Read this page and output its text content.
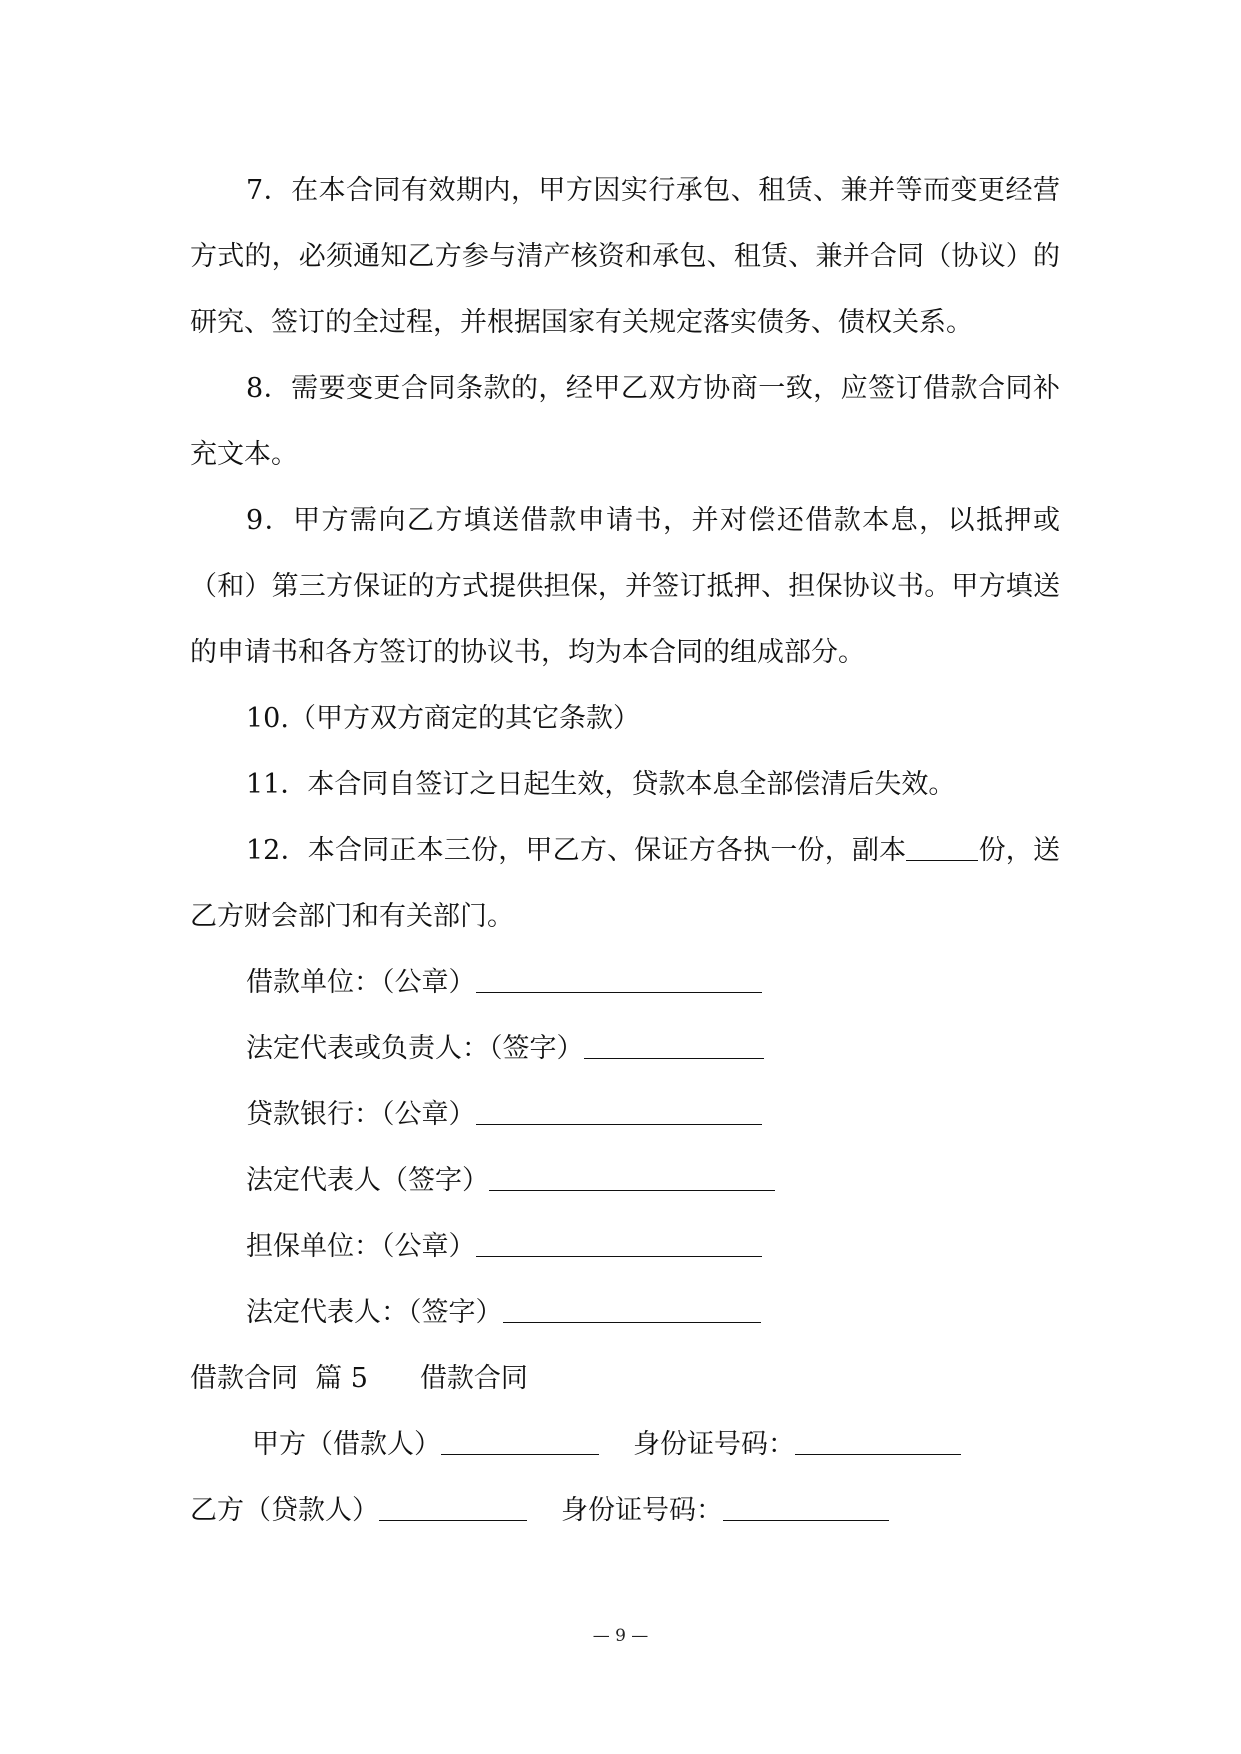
7．在本合同有效期内，甲方因实行承包、租赁、兼并等而变更经营方式的，必须通知乙方参与清产核资和承包、租赁、兼并合同（协议）的研究、签订的全过程，并根据国家有关规定落实债务、债权关系。

8．需要变更合同条款的，经甲乙双方协商一致，应签订借款合同补充文本。

9．甲方需向乙方填送借款申请书，并对偿还借款本息，以抵押或（和）第三方保证的方式提供担保，并签订抵押、担保协议书。甲方填送的申请书和各方签订的协议书，均为本合同的组成部分。

10.（甲方双方商定的其它条款）

11．本合同自签订之日起生效，贷款本息全部偿清后失效。

12．本合同正本三份，甲乙方、保证方各执一份，副本	份，送乙方财会部门和有关部门。

借款单位：（公章）

法定代表或负责人：（签字）

贷款银行：（公章）

法定代表人（签字）

担保单位：（公章）

法定代表人：（签字）

借款合同  篇 5 借款合同

甲方（借款人）	身份证号码：

乙方（贷款人）	身份证号码：

— 9 —
